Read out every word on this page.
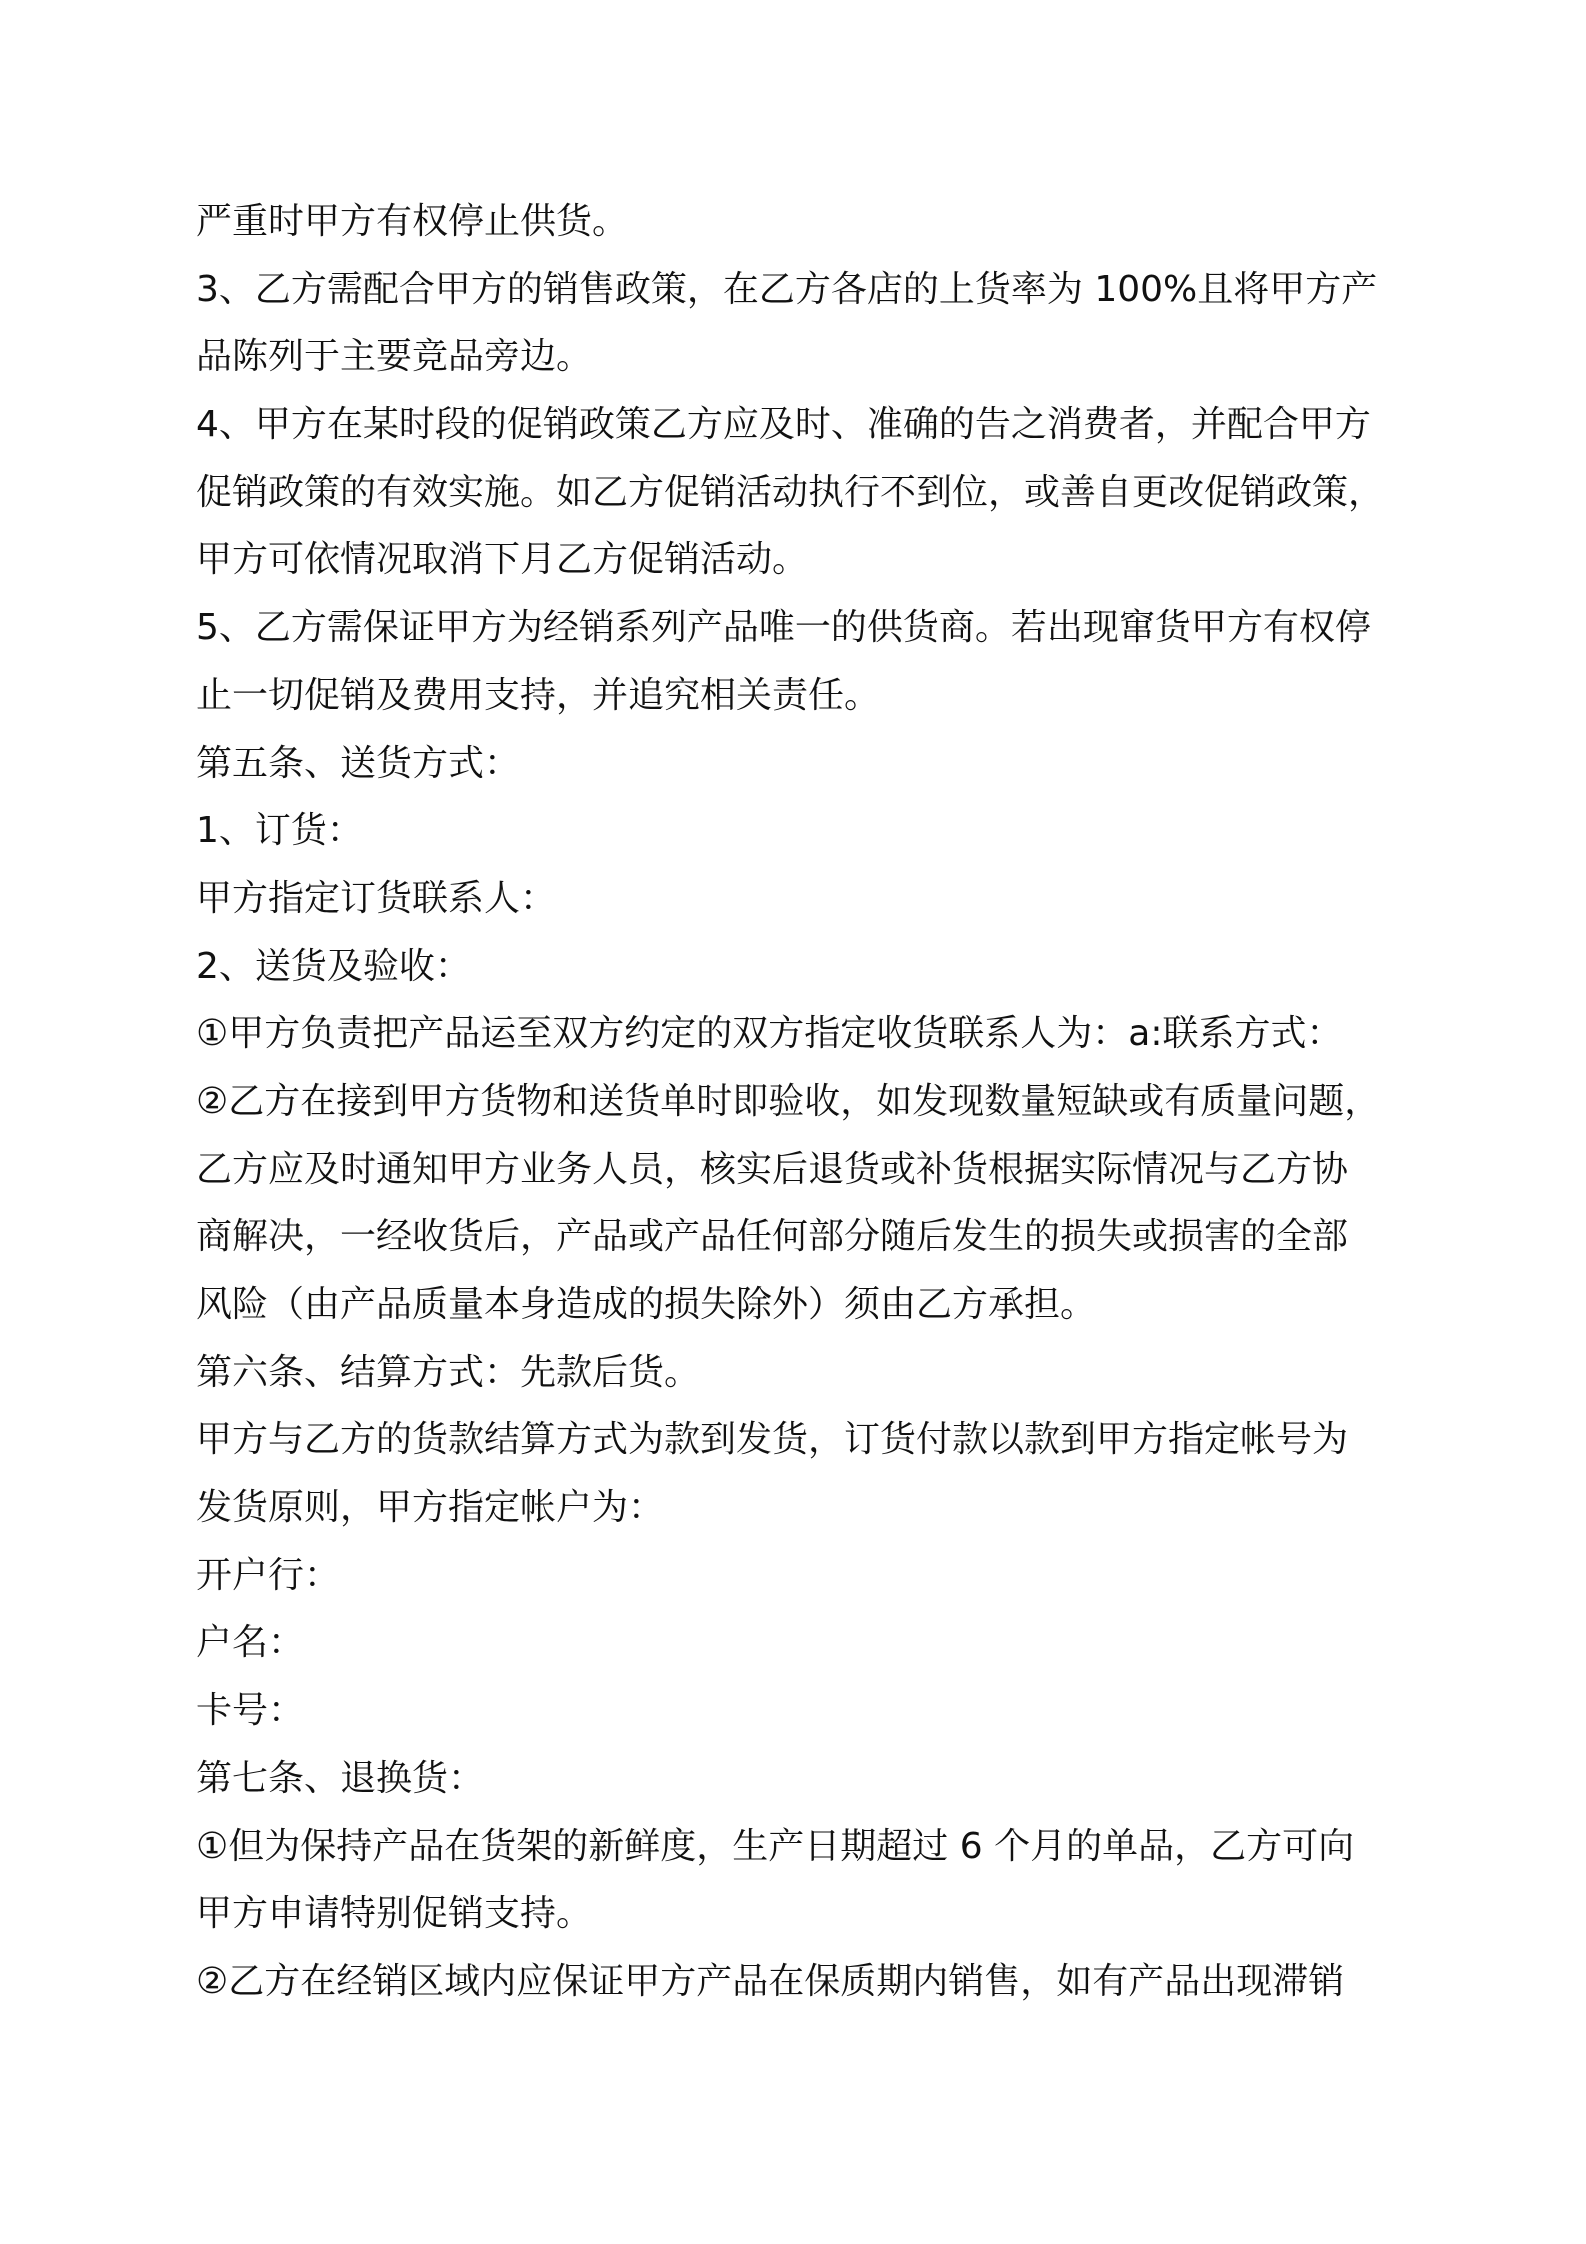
严重时甲方有权停止供货。
3、乙方需配合甲方的销售政策，在乙方各店的上货率为 100%且将甲方产
品陈列于主要竞品旁边。
4、甲方在某时段的促销政策乙方应及时、准确的告之消费者，并配合甲方
促销政策的有效实施。如乙方促销活动执行不到位，或善自更改促销政策，
甲方可依情况取消下月乙方促销活动。
5、乙方需保证甲方为经销系列产品唯一的供货商。若出现窜货甲方有权停
止一切促销及费用支持，并追究相关责任。
第五条、送货方式：
1、订货：
甲方指定订货联系人：
2、送货及验收：
①甲方负责把产品运至双方约定的双方指定收货联系人为：a:联系方式：
②乙方在接到甲方货物和送货单时即验收，如发现数量短缺或有质量问题，
乙方应及时通知甲方业务人员，核实后退货或补货根据实际情况与乙方协
商解决，一经收货后，产品或产品任何部分随后发生的损失或损害的全部
风险（由产品质量本身造成的损失除外）须由乙方承担。
第六条、结算方式：先款后货。
甲方与乙方的货款结算方式为款到发货，订货付款以款到甲方指定帐号为
发货原则，甲方指定帐户为：
开户行：
户名：
卡号：
第七条、退换货：
①但为保持产品在货架的新鲜度，生产日期超过 6 个月的单品，乙方可向
甲方申请特别促销支持。
②乙方在经销区域内应保证甲方产品在保质期内销售，如有产品出现滞销
